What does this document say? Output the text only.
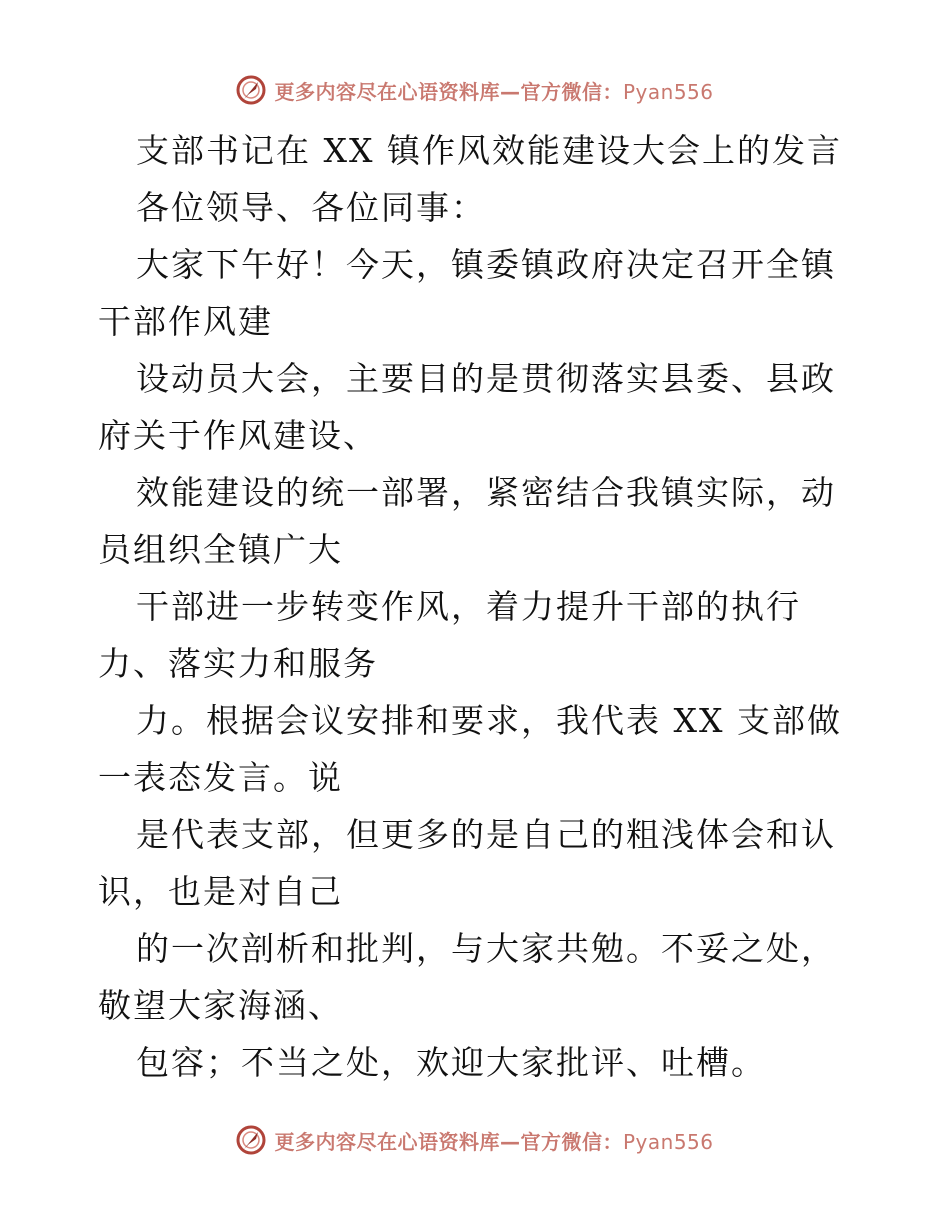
更多内容尽在心语资料库—官方微信：Pyan556

支部书记在 XX 镇作风效能建设大会上的发言

各位领导、各位同事：

大家下午好！今天，镇委镇政府决定召开全镇干部作风建

设动员大会，主要目的是贯彻落实县委、县政府关于作风建设、

效能建设的统一部署，紧密结合我镇实际，动员组织全镇广大

干部进一步转变作风，着力提升干部的执行力、落实力和服务

力。根据会议安排和要求，我代表 XX 支部做一表态发言。说

是代表支部，但更多的是自己的粗浅体会和认识，也是对自己

的一次剖析和批判，与大家共勉。不妥之处，敬望大家海涵、

包容；不当之处，欢迎大家批评、吐槽。

更多内容尽在心语资料库—官方微信：Pyan556
